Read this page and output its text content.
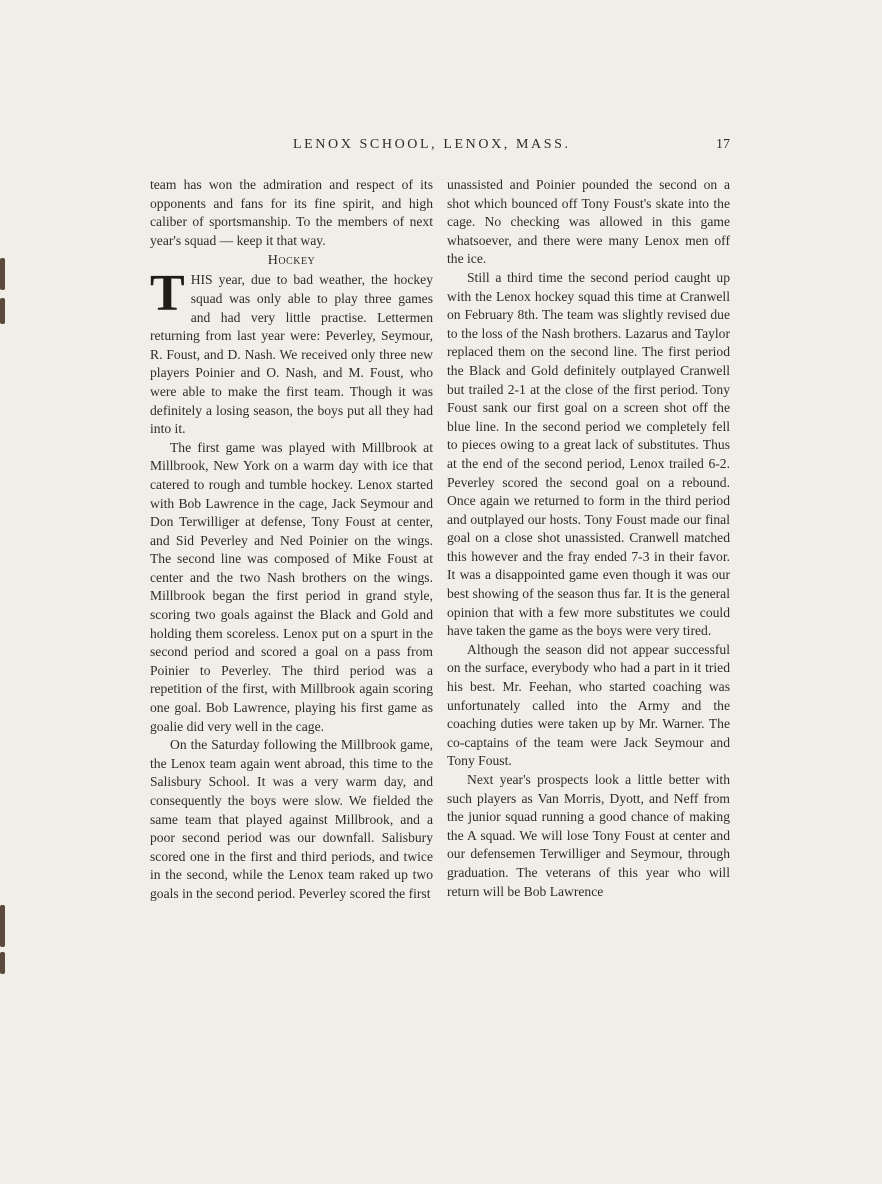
LENOX SCHOOL, LENOX, MASS.	17

team has won the admiration and respect of its opponents and fans for its fine spirit, and high caliber of sportsmanship. To the members of next year's squad — keep it that way.

Hockey

THIS year, due to bad weather, the hockey squad was only able to play three games and had very little practise. Lettermen returning from last year were: Peverley, Seymour, R. Foust, and D. Nash. We received only three new players Poinier and O. Nash, and M. Foust, who were able to make the first team. Though it was definitely a losing season, the boys put all they had into it.

The first game was played with Millbrook at Millbrook, New York on a warm day with ice that catered to rough and tumble hockey. Lenox started with Bob Lawrence in the cage, Jack Seymour and Don Terwilliger at defense, Tony Foust at center, and Sid Peverley and Ned Poinier on the wings. The second line was composed of Mike Foust at center and the two Nash brothers on the wings. Millbrook began the first period in grand style, scoring two goals against the Black and Gold and holding them scoreless. Lenox put on a spurt in the second period and scored a goal on a pass from Poinier to Peverley. The third period was a repetition of the first, with Millbrook again scoring one goal. Bob Lawrence, playing his first game as goalie did very well in the cage.

On the Saturday following the Millbrook game, the Lenox team again went abroad, this time to the Salisbury School. It was a very warm day, and consequently the boys were slow. We fielded the same team that played against Millbrook, and a poor second period was our downfall. Salisbury scored one in the first and third periods, and twice in the second, while the Lenox team raked up two goals in the second period. Peverley scored the first

unassisted and Poinier pounded the second on a shot which bounced off Tony Foust's skate into the cage. No checking was allowed in this game whatsoever, and there were many Lenox men off the ice.

Still a third time the second period caught up with the Lenox hockey squad this time at Cranwell on February 8th. The team was slightly revised due to the loss of the Nash brothers. Lazarus and Taylor replaced them on the second line. The first period the Black and Gold definitely outplayed Cranwell but trailed 2-1 at the close of the first period. Tony Foust sank our first goal on a screen shot off the blue line. In the second period we completely fell to pieces owing to a great lack of substitutes. Thus at the end of the second period, Lenox trailed 6-2. Peverley scored the second goal on a rebound. Once again we returned to form in the third period and outplayed our hosts. Tony Foust made our final goal on a close shot unassisted. Cranwell matched this however and the fray ended 7-3 in their favor. It was a disappointed game even though it was our best showing of the season thus far. It is the general opinion that with a few more substitutes we could have taken the game as the boys were very tired.

Although the season did not appear successful on the surface, everybody who had a part in it tried his best. Mr. Feehan, who started coaching was unfortunately called into the Army and the coaching duties were taken up by Mr. Warner. The co-captains of the team were Jack Seymour and Tony Foust.

Next year's prospects look a little better with such players as Van Morris, Dyott, and Neff from the junior squad running a good chance of making the A squad. We will lose Tony Foust at center and our defensemen Terwilliger and Seymour, through graduation. The veterans of this year who will return will be Bob Lawrence
